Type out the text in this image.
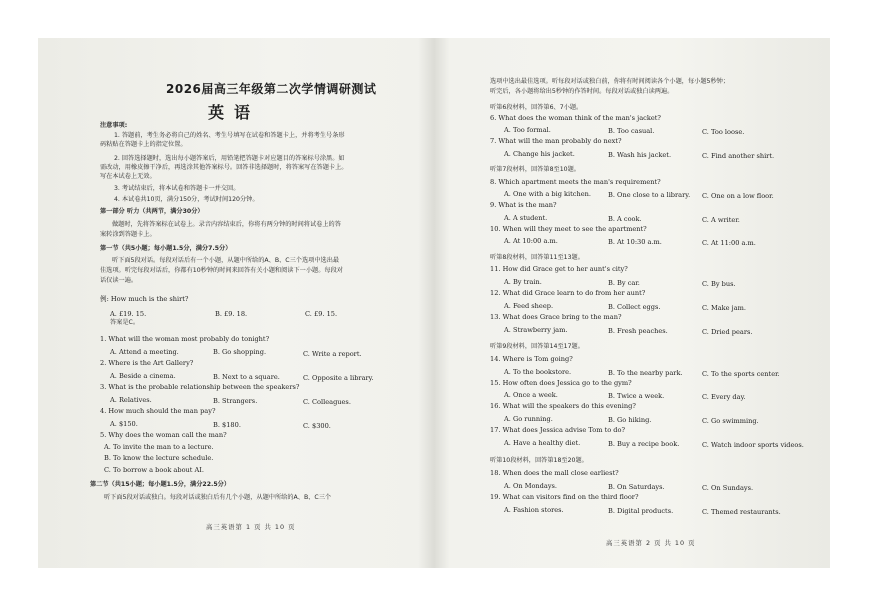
2026届高三年级第二次学情调研测试
英语
注意事项:
1. 答题前，考生务必将自己的姓名、考生号填写在试卷和答题卡上，并将考生号条形
码粘贴在答题卡上的指定位置。
2. 回答选择题时，选出每小题答案后，用铅笔把答题卡对应题目的答案标号涂黑。如
需改动，用橡皮擦干净后，再选涂其他答案标号。回答非选择题时，将答案写在答题卡上。
写在本试卷上无效。
3. 考试结束后，将本试卷和答题卡一并交回。
4. 本试卷共10页，满分150分，考试时间120分钟。
第一部分 听力（共两节，满分30分）
做题时，先将答案标在试卷上。录音内容结束后，你将有两分钟的时间将试卷上的答
案转涂到答题卡上。
第一节（共5小题；每小题1.5分，满分7.5分）
听下面5段对话。每段对话后有一个小题，从题中所给的A、B、C三个选项中选出最
佳选项。听完每段对话后，你都有10秒钟的时间来回答有关小题和阅读下一小题。每段对
话仅读一遍。
例: How much is the shirt?
A. £19. 15.	B. £9. 18.	C. £9. 15.
答案是C。
1. What will the woman most probably do tonight?
A. Attend a meeting.	B. Go shopping.	C. Write a report.
2. Where is the Art Gallery?
A. Beside a cinema.	B. Next to a square.	C. Opposite a library.
3. What is the probable relationship between the speakers?
A. Relatives.	B. Strangers.	C. Colleagues.
4. How much should the man pay?
A. $150.	B. $180.	C. $300.
5. Why does the woman call the man?
A. To invite the man to a lecture.
B. To know the lecture schedule.
C. To borrow a book about AI.
第二节（共15小题；每小题1.5分，满分22.5分）
听下面5段对话或独白。每段对话或独白后有几个小题，从题中所给的A、B、C三个
高三英语第 1 页 共 10 页
选项中选出最佳选项。听每段对话或独白前，你将有时间阅读各个小题，每小题5秒钟；
听完后，各小题将给出5秒钟的作答时间。每段对话或独白读两遍。
听第6段材料，回答第6、7小题。
6. What does the woman think of the man's jacket?
A. Too formal.	B. Too casual.	C. Too loose.
7. What will the man probably do next?
A. Change his jacket.	B. Wash his jacket.	C. Find another shirt.
听第7段材料，回答第8至10题。
8. Which apartment meets the man's requirement?
A. One with a big kitchen.	B. One close to a library. C. One on a low floor.
9. What is the man?
A. A student.	B. A cook.	C. A writer.
10. When will they meet to see the apartment?
A. At 10:00 a.m.	B. At 10:30 a.m.	C. At 11:00 a.m.
听第8段材料，回答第11至13题。
11. How did Grace get to her aunt's city?
A. By train.	B. By car.	C. By bus.
12. What did Grace learn to do from her aunt?
A. Feed sheep.	B. Collect eggs.	C. Make jam.
13. What does Grace bring to the man?
A. Strawberry jam.	B. Fresh peaches.	C. Dried pears.
听第9段材料，回答第14至17题。
14. Where is Tom going?
A. To the bookstore.	B. To the nearby park.	C. To the sports center.
15. How often does Jessica go to the gym?
A. Once a week.	B. Twice a week.	C. Every day.
16. What will the speakers do this evening?
A. Go running.	B. Go hiking.	C. Go swimming.
17. What does Jessica advise Tom to do?
A. Have a healthy diet.	B. Buy a recipe book.	C. Watch indoor sports videos.
听第10段材料，回答第18至20题。
18. When does the mall close earliest?
A. On Mondays.	B. On Saturdays.	C. On Sundays.
19. What can visitors find on the third floor?
A. Fashion stores.	B. Digital products.	C. Themed restaurants.
高三英语第 2 页 共 10 页
